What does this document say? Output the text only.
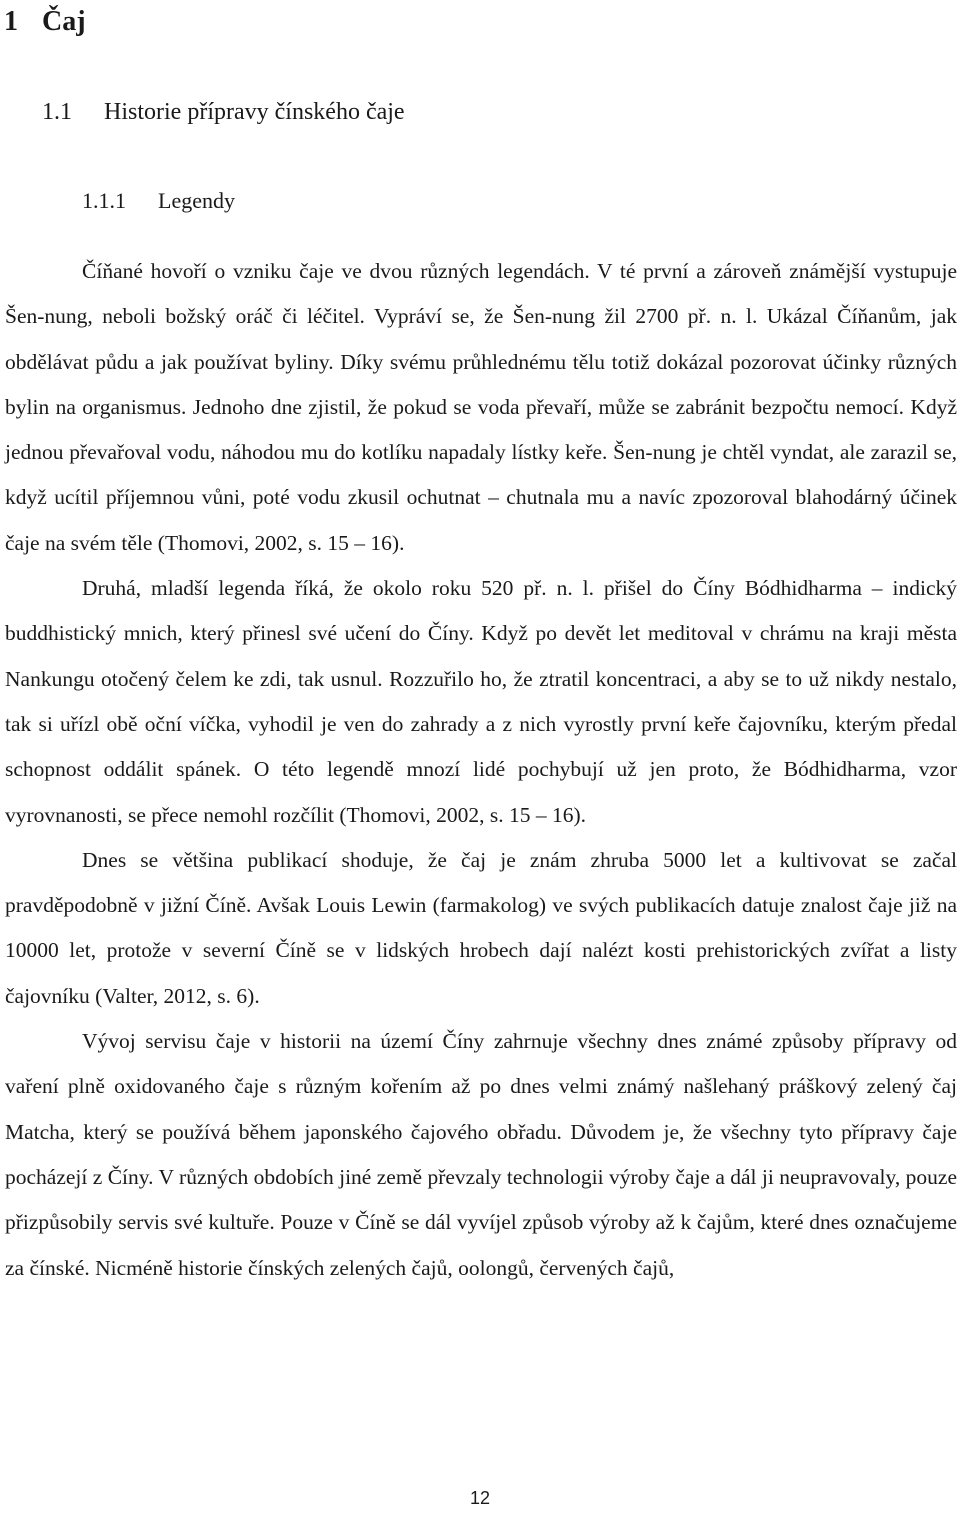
1 Čaj
1.1 Historie přípravy čínského čaje
1.1.1 Legendy

Číňané hovoří o vzniku čaje ve dvou různých legendách. V té první a zároveň známější vystupuje Šen-nung, neboli božský oráč či léčitel. Vypráví se, že Šen-nung žil 2700 př. n. l. Ukázal Číňanům, jak obdělávat půdu a jak používat byliny. Díky svému průhlednému tělu totiž dokázal pozorovat účinky různých bylin na organismus. Jednoho dne zjistil, že pokud se voda převaří, může se zabránit bezpočtu nemocí. Když jednou převařoval vodu, náhodou mu do kotlíku napadaly lístky keře. Šen-nung je chtěl vyndat, ale zarazil se, když ucítil příjemnou vůni, poté vodu zkusil ochutnat – chutnala mu a navíc zpozoroval blahodárný účinek čaje na svém těle (Thomovi, 2002, s. 15 – 16).

Druhá, mladší legenda říká, že okolo roku 520 př. n. l. přišel do Číny Bódhidharma – indický buddhistický mnich, který přinesl své učení do Číny. Když po devět let meditoval v chrámu na kraji města Nankungu otočený čelem ke zdi, tak usnul. Rozzuřilo ho, že ztratil koncentraci, a aby se to už nikdy nestalo, tak si uřízl obě oční víčka, vyhodil je ven do zahrady a z nich vyrostly první keře čajovníku, kterým předal schopnost oddálit spánek. O této legendě mnozí lidé pochybují už jen proto, že Bódhidharma, vzor vyrovnanosti, se přece nemohl rozčílit (Thomovi, 2002, s. 15 – 16).

Dnes se většina publikací shoduje, že čaj je znám zhruba 5000 let a kultivovat se začal pravděpodobně v jižní Číně. Avšak Louis Lewin (farmakolog) ve svých publikacích datuje znalost čaje již na 10000 let, protože v severní Číně se v lidských hrobech dají nalézt kosti prehistorických zvířat a listy čajovníku (Valter, 2012, s. 6).

Vývoj servisu čaje v historii na území Číny zahrnuje všechny dnes známé způsoby přípravy od vaření plně oxidovaného čaje s různým kořením až po dnes velmi známý našlehaný práškový zelený čaj Matcha, který se používá během japonského čajového obřadu. Důvodem je, že všechny tyto přípravy čaje pocházejí z Číny. V různých obdobích jiné země převzaly technologii výroby čaje a dál ji neupravovaly, pouze přizpůsobily servis své kultuře. Pouze v Číně se dál vyvíjel způsob výroby až k čajům, které dnes označujeme za čínské. Nicméně historie čínských zelených čajů, oolongů, červených čajů,

12
